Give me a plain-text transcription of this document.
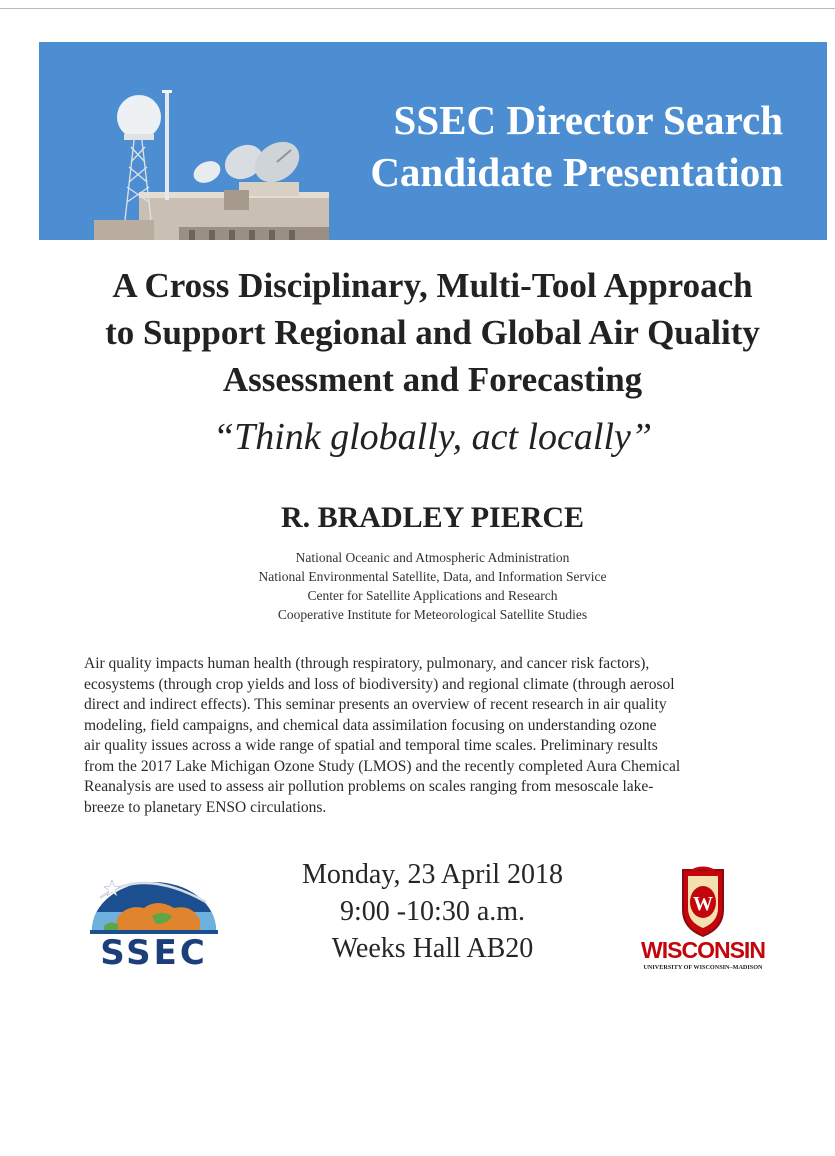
SSEC Director Search
Candidate Presentation
A Cross Disciplinary, Multi-Tool Approach
to Support Regional and Global Air Quality
Assessment and Forecasting
“Think globally, act locally”
R. BRADLEY PIERCE
National Oceanic and Atmospheric Administration
National Environmental Satellite, Data, and Information Service
Center for Satellite Applications and Research
Cooperative Institute for Meteorological Satellite Studies
Air quality impacts human health (through respiratory, pulmonary, and cancer risk factors),
ecosystems (through crop yields and loss of biodiversity) and regional climate (through aerosol
direct and indirect effects). This seminar presents an overview of recent research in air quality
modeling, field campaigns, and chemical data assimilation focusing on understanding ozone
air quality issues across a wide range of spatial and temporal time scales. Preliminary results
from the 2017 Lake Michigan Ozone Study (LMOS) and the recently completed Aura Chemical
Reanalysis are used to assess air pollution problems on scales ranging from mesoscale lake-
breeze to planetary ENSO circulations.
SSEC
Monday, 23 April 2018
9:00 -10:30 a.m.
Weeks Hall AB20
W
WISCONSIN
UNIVERSITY OF WISCONSIN–MADISON
